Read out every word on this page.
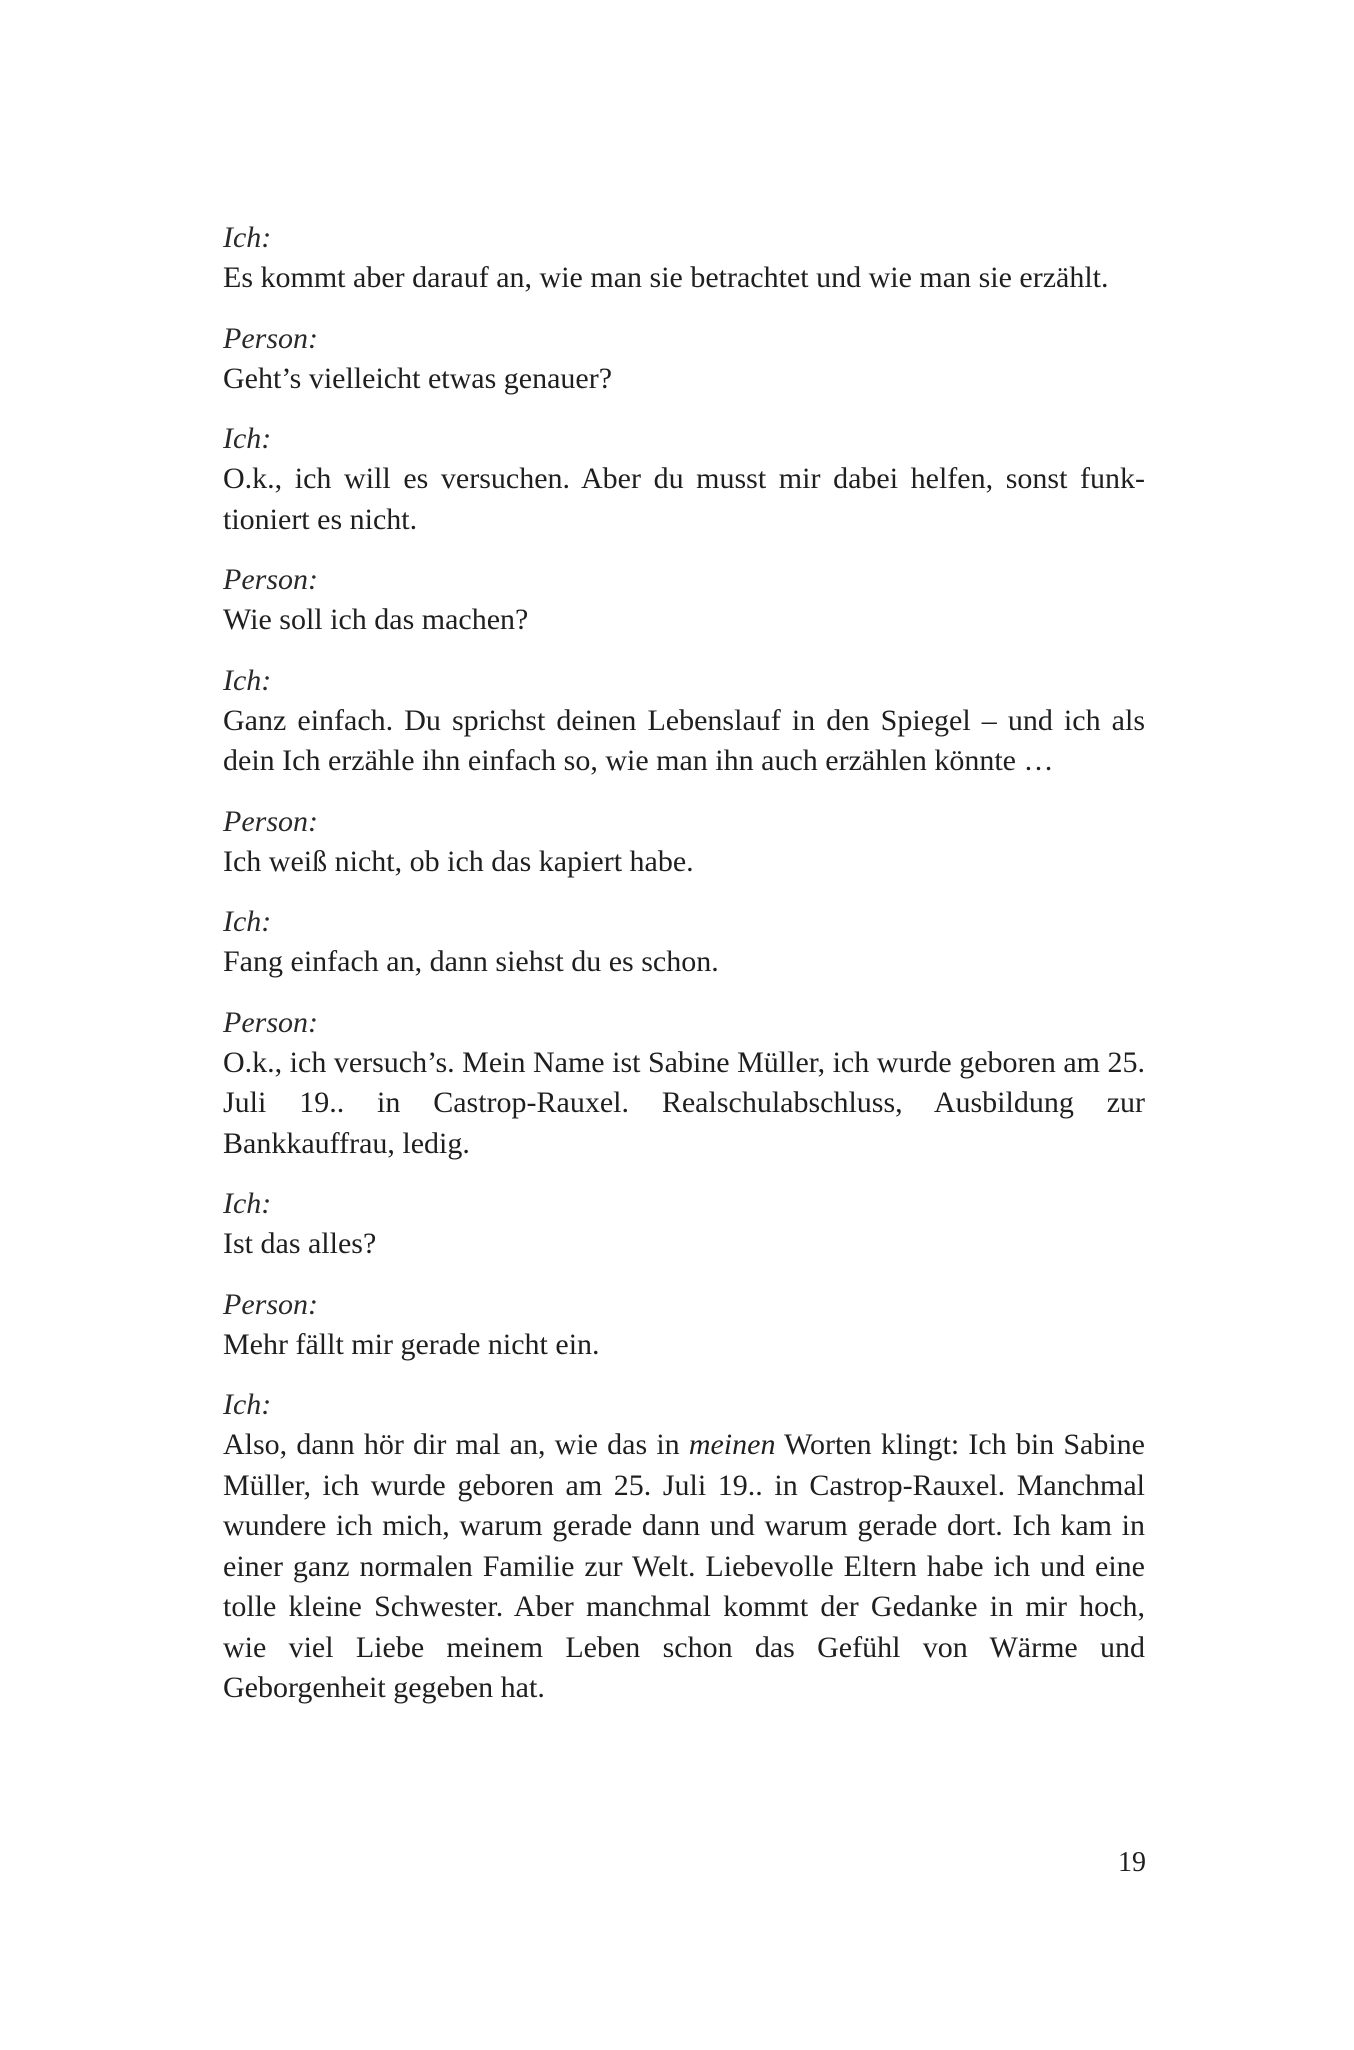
Ich:

Es kommt aber darauf an, wie man sie betrachtet und wie man sie erzählt.

Person:

Geht’s vielleicht etwas genauer?

Ich:

O.k., ich will es versuchen. Aber du musst mir dabei helfen, sonst funk-tioniert es nicht.

Person:

Wie soll ich das machen?

Ich:

Ganz einfach. Du sprichst deinen Lebenslauf in den Spiegel – und ich als dein Ich erzähle ihn einfach so, wie man ihn auch erzählen könnte …

Person:

Ich weiß nicht, ob ich das kapiert habe.

Ich:

Fang einfach an, dann siehst du es schon.

Person:

O.k., ich versuch’s. Mein Name ist Sabine Müller, ich wurde geboren am 25. Juli 19.. in Castrop-Rauxel. Realschulabschluss, Ausbildung zur Bankkauffrau, ledig.

Ich:

Ist das alles?

Person:

Mehr fällt mir gerade nicht ein.

Ich:

Also, dann hör dir mal an, wie das in meinen Worten klingt: Ich bin Sabine Müller, ich wurde geboren am 25. Juli 19.. in Castrop-Rauxel. Manchmal wundere ich mich, warum gerade dann und warum gerade dort. Ich kam in einer ganz normalen Familie zur Welt. Liebevolle Eltern habe ich und eine tolle kleine Schwester. Aber manchmal kommt der Gedanke in mir hoch, wie viel Liebe meinem Leben schon das Gefühl von Wärme und Geborgenheit gegeben hat.

19
